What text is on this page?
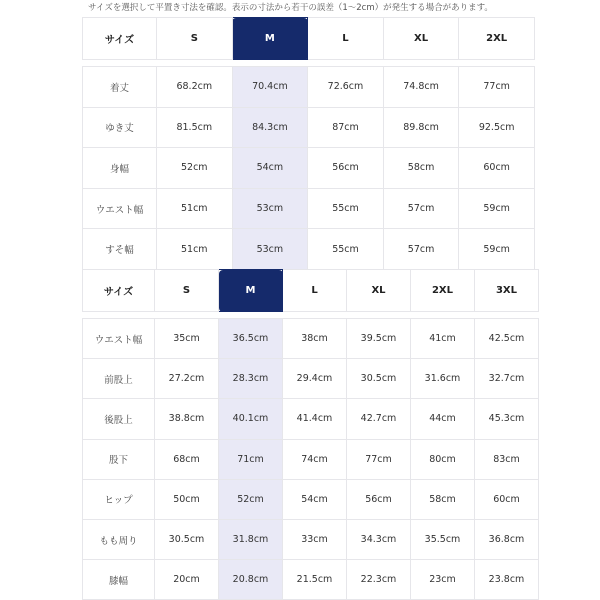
サイズを選択して平置き寸法を確認。表示の寸法から若干の誤差（1〜2cm）が発生する場合があります。
サイズ	S	M	L	XL	2XL

着丈	68.2cm	70.4cm	72.6cm	74.8cm	77cm
ゆき丈	81.5cm	84.3cm	87cm	89.8cm	92.5cm
身幅	52cm	54cm	56cm	58cm	60cm
ウエスト幅	51cm	53cm	55cm	57cm	59cm
すそ幅	51cm	53cm	55cm	57cm	59cm
サイズ	S	M	L	XL	2XL	3XL

ウエスト幅	35cm	36.5cm	38cm	39.5cm	41cm	42.5cm
前股上	27.2cm	28.3cm	29.4cm	30.5cm	31.6cm	32.7cm
後股上	38.8cm	40.1cm	41.4cm	42.7cm	44cm	45.3cm
股下	68cm	71cm	74cm	77cm	80cm	83cm
ヒップ	50cm	52cm	54cm	56cm	58cm	60cm
もも周り	30.5cm	31.8cm	33cm	34.3cm	35.5cm	36.8cm
膝幅	20cm	20.8cm	21.5cm	22.3cm	23cm	23.8cm
